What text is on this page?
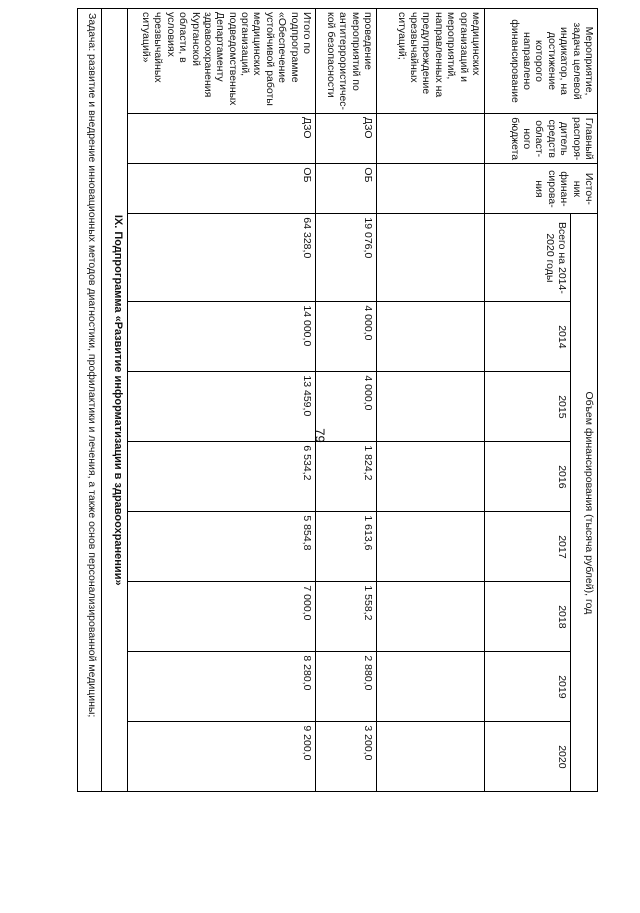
79
Мероприятие, задача целевой индикатор, на достижение которого направлено финансирование	Главный распоря-дитель средств област-ного бюджета	Источ-ник финан-сирова-ния	Объем финансирования (тысяча рублей), год							
			Всего на 2014-2020 годы	2014	2015	2016	2017	2018	2019	2020
медицинских организаций и мероприятий, направленных на предупреждение чрезвычайных ситуаций;										
проведение мероприятий по антитеррористичес-кой безопасности	ДЗО	ОБ	19 076,0	4 000,0	4 000,0	1 824,2	1 613,6	1 558,2	2 880,0	3 200,0
Итого по подпрограмме «Обеспечение устойчивой работы медицинских организаций, подведомственных Департаменту здравоохранения Курганской области, в условиях чрезвычайных ситуаций»	ДЗО	ОБ	64 328,0	14 000,0	13 459,0	6 534,2	5 854,8	7 000,0	8 280,0	9 200,0
IX. Подпрограмма «Развитие информатизации в здравоохранении»										
Задача: развитие и внедрение инновационных методов диагностики, профилактики и лечения, а также основ персонализированной медицины;										
